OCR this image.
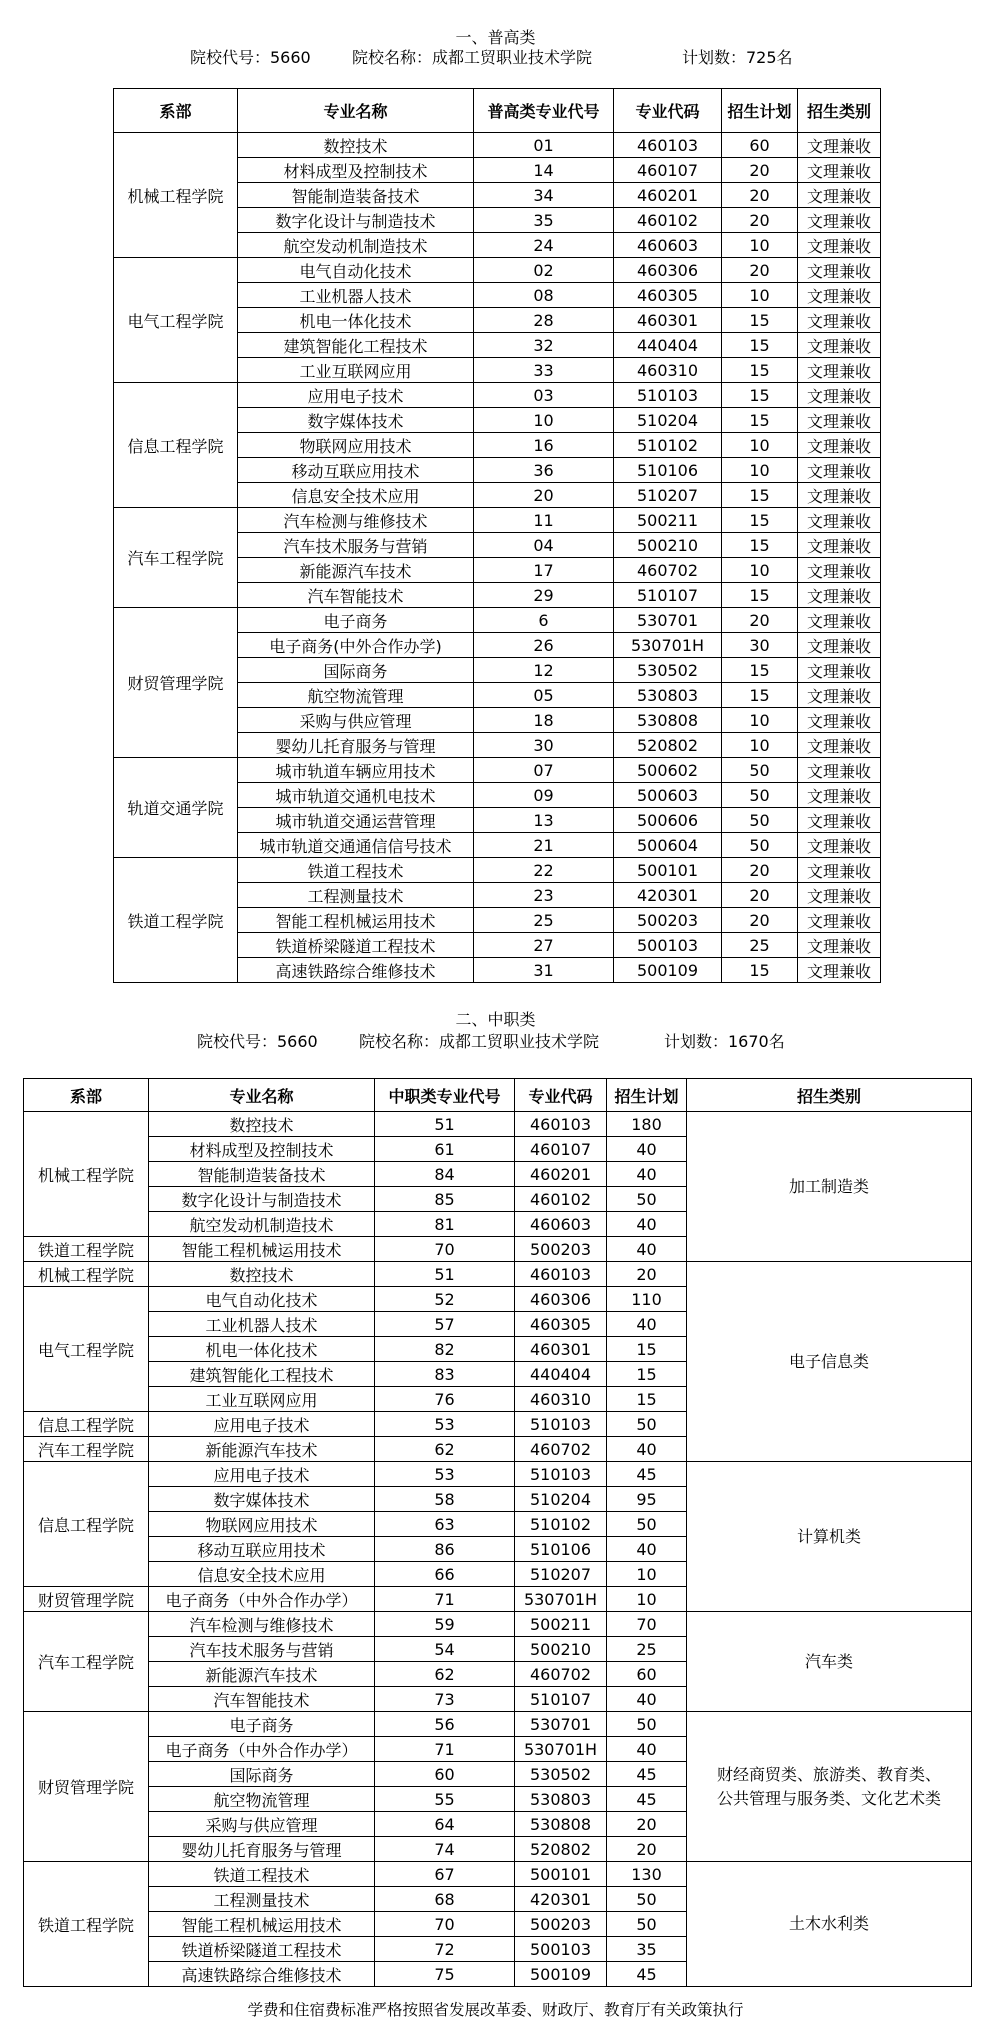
一、普高类
院校代号：5660	院校名称：成都工贸职业技术学院	计划数：725名
系部	专业名称	普高类专业代号	专业代码	招生计划	招生类别
机械工程学院	数控技术	01	460103	60	文理兼收
	材料成型及控制技术	14	460107	20	文理兼收
	智能制造装备技术	34	460201	20	文理兼收
	数字化设计与制造技术	35	460102	20	文理兼收
	航空发动机制造技术	24	460603	10	文理兼收
电气工程学院	电气自动化技术	02	460306	20	文理兼收
	工业机器人技术	08	460305	10	文理兼收
	机电一体化技术	28	460301	15	文理兼收
	建筑智能化工程技术	32	440404	15	文理兼收
	工业互联网应用	33	460310	15	文理兼收
信息工程学院	应用电子技术	03	510103	15	文理兼收
	数字媒体技术	10	510204	15	文理兼收
	物联网应用技术	16	510102	10	文理兼收
	移动互联应用技术	36	510106	10	文理兼收
	信息安全技术应用	20	510207	15	文理兼收
汽车工程学院	汽车检测与维修技术	11	500211	15	文理兼收
	汽车技术服务与营销	04	500210	15	文理兼收
	新能源汽车技术	17	460702	10	文理兼收
	汽车智能技术	29	510107	15	文理兼收
财贸管理学院	电子商务	6	530701	20	文理兼收
	电子商务(中外合作办学)	26	530701H	30	文理兼收
	国际商务	12	530502	15	文理兼收
	航空物流管理	05	530803	15	文理兼收
	采购与供应管理	18	530808	10	文理兼收
	婴幼儿托育服务与管理	30	520802	10	文理兼收
轨道交通学院	城市轨道车辆应用技术	07	500602	50	文理兼收
	城市轨道交通机电技术	09	500603	50	文理兼收
	城市轨道交通运营管理	13	500606	50	文理兼收
	城市轨道交通通信信号技术	21	500604	50	文理兼收
铁道工程学院	铁道工程技术	22	500101	20	文理兼收
	工程测量技术	23	420301	20	文理兼收
	智能工程机械运用技术	25	500203	20	文理兼收
	铁道桥梁隧道工程技术	27	500103	25	文理兼收
	高速铁路综合维修技术	31	500109	15	文理兼收
二、中职类
院校代号：5660	院校名称：成都工贸职业技术学院	计划数：1670名
系部	专业名称	中职类专业代号	专业代码	招生计划	招生类别
机械工程学院	数控技术	51	460103	180	加工制造类
	材料成型及控制技术	61	460107	40	
	智能制造装备技术	84	460201	40	
	数字化设计与制造技术	85	460102	50	
	航空发动机制造技术	81	460603	40	
铁道工程学院	智能工程机械运用技术	70	500203	40	
机械工程学院	数控技术	51	460103	20	电子信息类
电气工程学院	电气自动化技术	52	460306	110	
	工业机器人技术	57	460305	40	
	机电一体化技术	82	460301	15	
	建筑智能化工程技术	83	440404	15	
	工业互联网应用	76	460310	15	
信息工程学院	应用电子技术	53	510103	50	
汽车工程学院	新能源汽车技术	62	460702	40	
信息工程学院	应用电子技术	53	510103	45	计算机类
	数字媒体技术	58	510204	95	
	物联网应用技术	63	510102	50	
	移动互联应用技术	86	510106	40	
	信息安全技术应用	66	510207	10	
财贸管理学院	电子商务（中外合作办学）	71	530701H	10	
汽车工程学院	汽车检测与维修技术	59	500211	70	汽车类
	汽车技术服务与营销	54	500210	25	
	新能源汽车技术	62	460702	60	
	汽车智能技术	73	510107	40	
财贸管理学院	电子商务	56	530701	50	财经商贸类、旅游类、教育类、
公共管理与服务类、文化艺术类
	电子商务（中外合作办学）	71	530701H	40	
	国际商务	60	530502	45	
	航空物流管理	55	530803	45	
	采购与供应管理	64	530808	20	
	婴幼儿托育服务与管理	74	520802	20	
铁道工程学院	铁道工程技术	67	500101	130	土木水利类
	工程测量技术	68	420301	50	
	智能工程机械运用技术	70	500203	50	
	铁道桥梁隧道工程技术	72	500103	35	
	高速铁路综合维修技术	75	500109	45	
学费和住宿费标准严格按照省发展改革委、财政厅、教育厅有关政策执行
